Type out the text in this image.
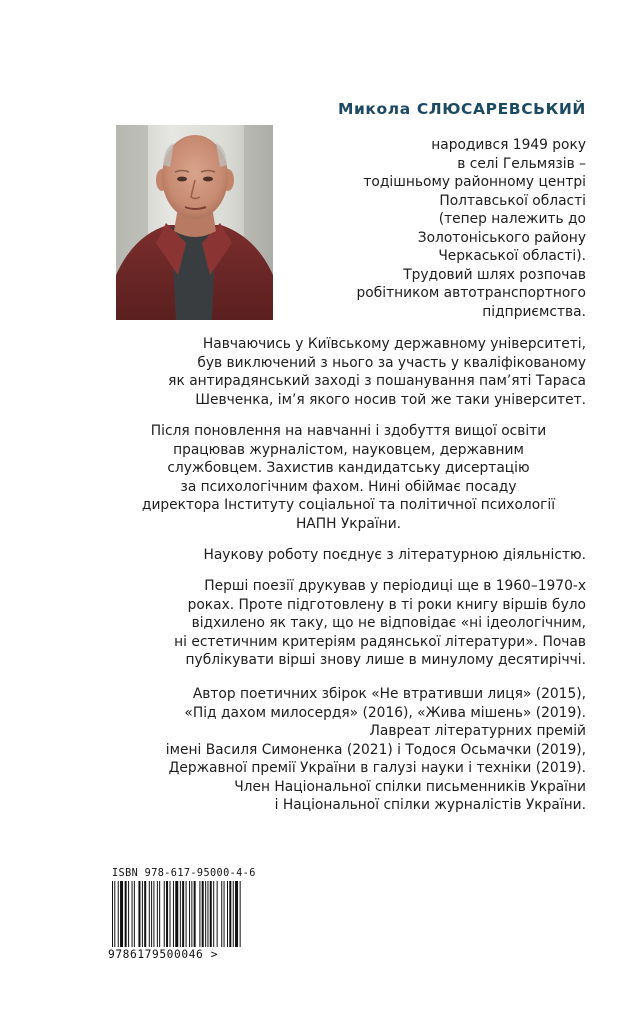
Микола СЛЮСАРЕВСЬКИЙ
народився 1949 року
в селі Гельмязів –
тодішньому районному центрі
Полтавської області
(тепер належить до
Золотоніського району
Черкаської області).
Трудовий шлях розпочав
робітником автотранспортного
підприємства.
Навчаючись у Київському державному університеті,
був виключений з нього за участь у кваліфікованому
як антирадянський заході з пошанування пам’яті Тараса
Шевченка, ім’я якого носив той же таки університет.
Після поновлення на навчанні і здобуття вищої освіти
працював журналістом, науковцем, державним
службовцем. Захистив кандидатську дисертацію
за психологічним фахом. Нині обіймає посаду
директора Інституту соціальної та політичної психології
НАПН України.
Наукову роботу поєднує з літературною діяльністю.
Перші поезії друкував у періодиці ще в 1960–1970-х
роках. Проте підготовлену в ті роки книгу віршів було
відхилено як таку, що не відповідає «ні ідеологічним,
ні естетичним критеріям радянської літератури». Почав
публікувати вірші знову лише в минулому десятиріччі.
Автор поетичних збірок «Не втративши лиця» (2015),
«Під дахом милосердя» (2016), «Жива мішень» (2019).
Лавреат літературних премій
імені Василя Симоненка (2021) і Тодося Осьмачки (2019),
Державної премії України в галузі науки і техніки (2019).
Член Національної спілки письменників України
і Національної спілки журналістів України.
ISBN 978-617-95000-4-6
9786179500046 >
